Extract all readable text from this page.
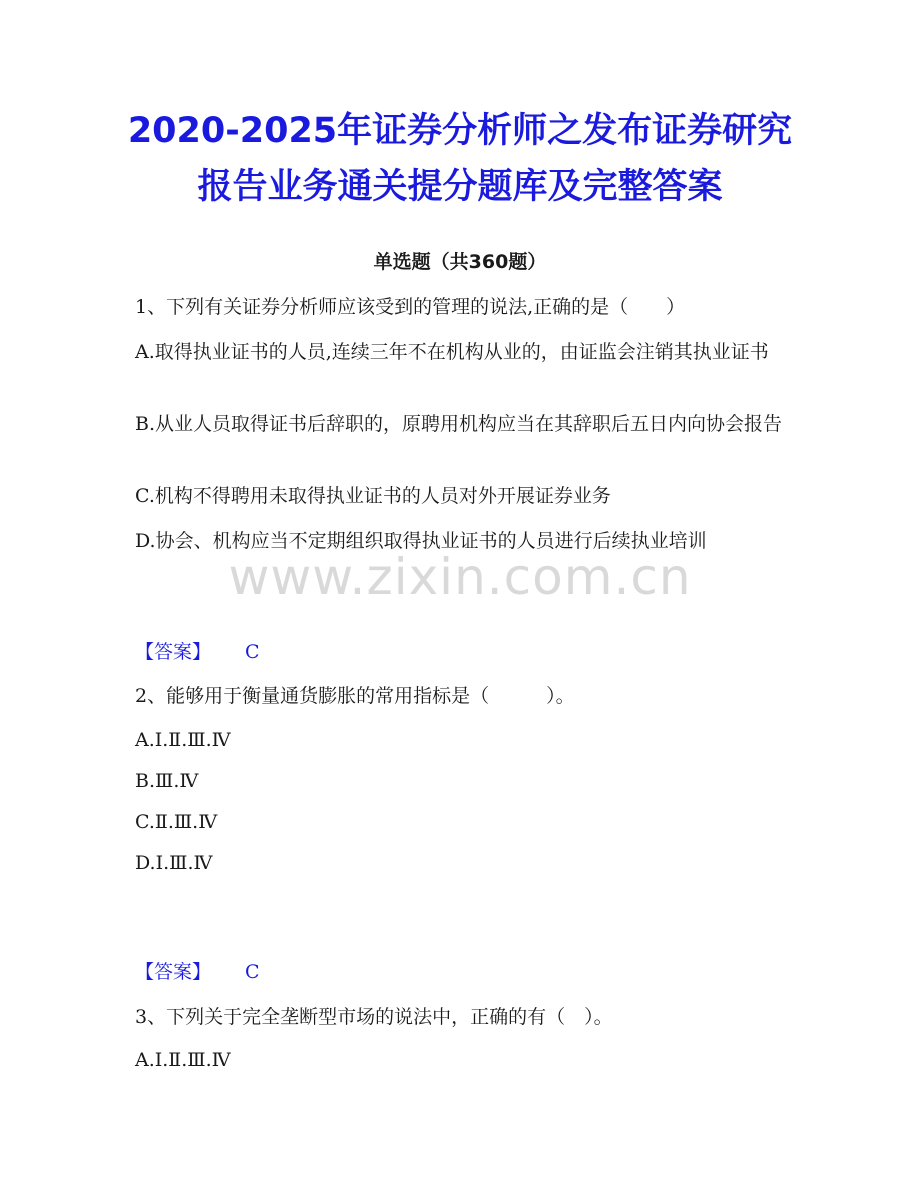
2020-2025年证券分析师之发布证券研究
报告业务通关提分题库及完整答案
单选题（共360题）
1、下列有关证券分析师应该受到的管理的说法,正确的是（　　）
A.取得执业证书的人员,连续三年不在机构从业的，由证监会注销其执业证书
B.从业人员取得证书后辞职的，原聘用机构应当在其辞职后五日内向协会报告
C.机构不得聘用未取得执业证书的人员对外开展证券业务
D.协会、机构应当不定期组织取得执业证书的人员进行后续执业培训
www.zixin.com.cn
【答案】 C
2、能够用于衡量通货膨胀的常用指标是（　　　）。
A.Ⅰ.Ⅱ.Ⅲ.Ⅳ
B.Ⅲ.Ⅳ
C.Ⅱ.Ⅲ.Ⅳ
D.Ⅰ.Ⅲ.Ⅳ
【答案】 C
3、下列关于完全垄断型市场的说法中，正确的有（　）。
A.Ⅰ.Ⅱ.Ⅲ.Ⅳ
